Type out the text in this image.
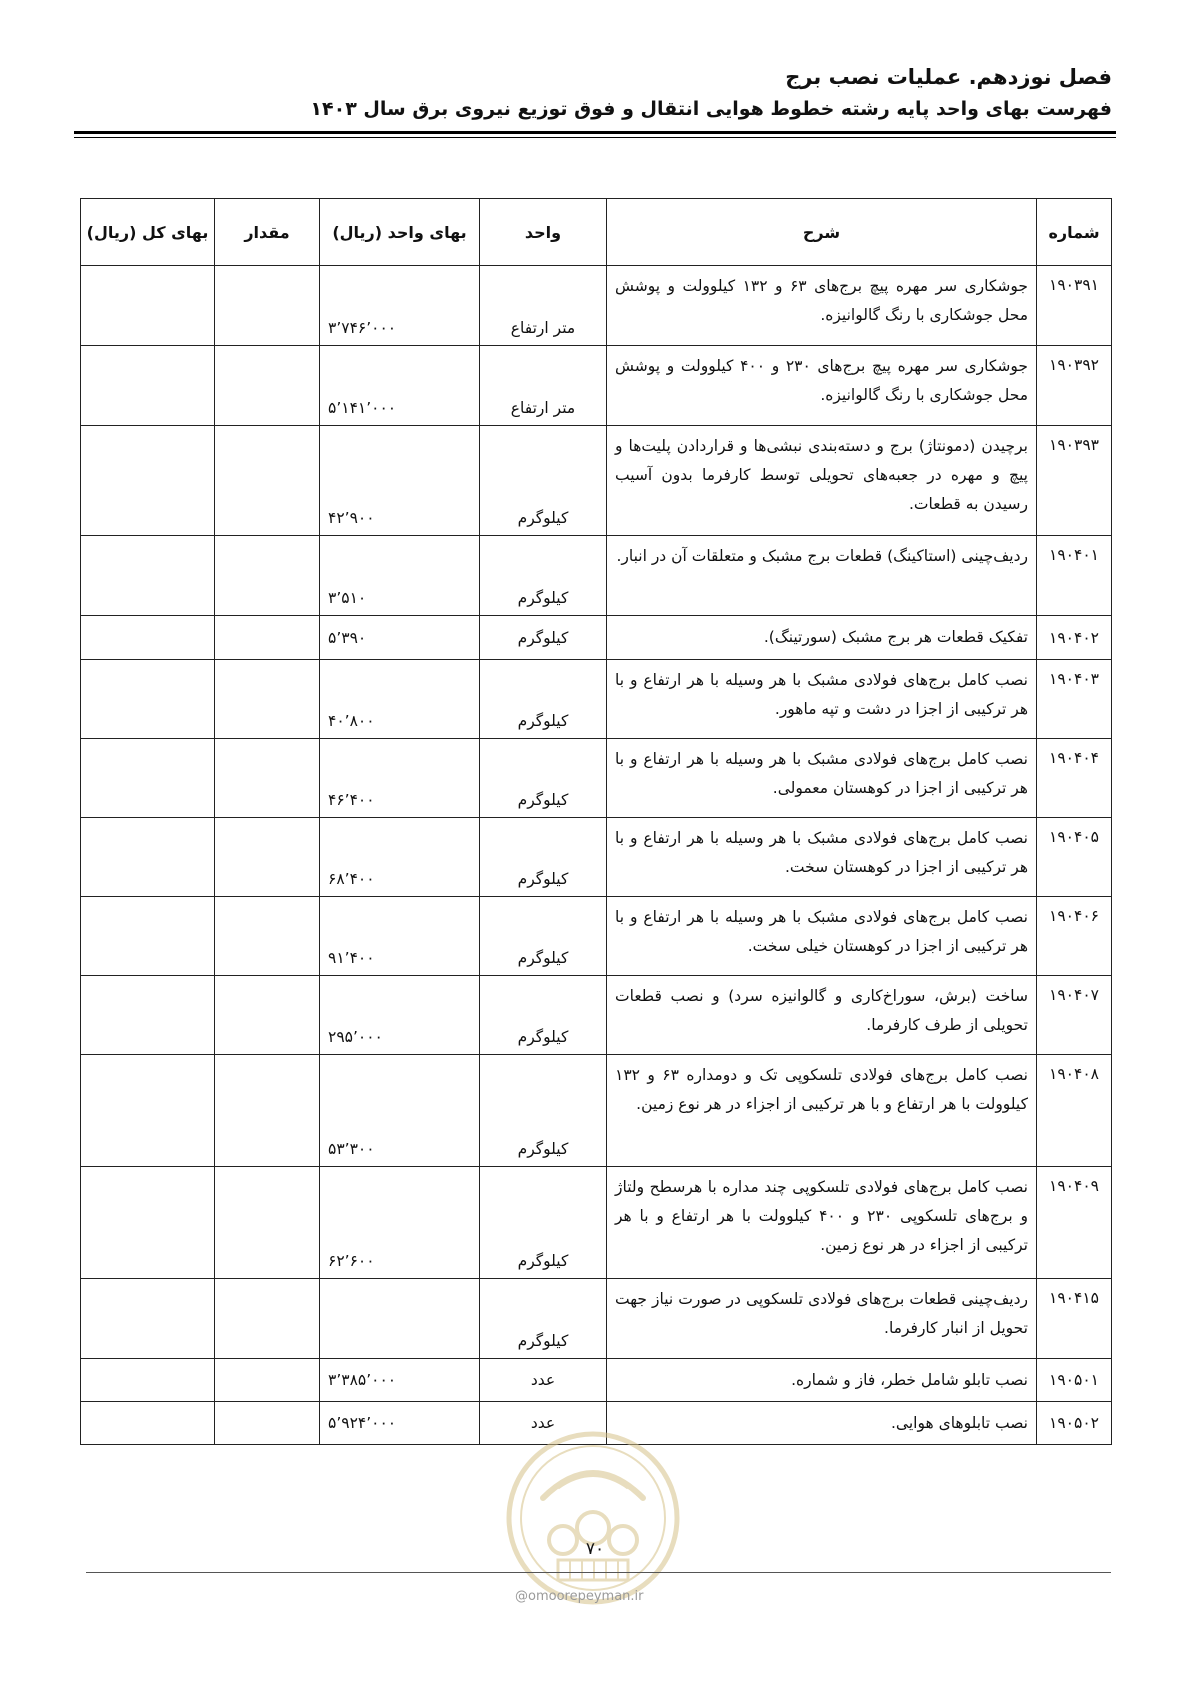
فصل نوزدهم. عملیات نصب برج
فهرست بهای واحد پایه رشته خطوط هوایی انتقال و فوق توزیع نیروی برق سال ۱۴۰۳
شماره	شرح	واحد	بهای واحد (ریال)	مقدار	بهای کل (ریال)
۱۹۰۳۹۱	جوشکاری سر مهره پیچ برج‌های ۶۳ و ۱۳۲ کیلوولت و پوشش محل جوشکاری با رنگ گالوانیزه.	متر ارتفاع	۳٬۷۴۶٬۰۰۰		
۱۹۰۳۹۲	جوشکاری سر مهره پیچ برج‌های ۲۳۰ و ۴۰۰ کیلوولت و پوشش محل جوشکاری با رنگ گالوانیزه.	متر ارتفاع	۵٬۱۴۱٬۰۰۰		
۱۹۰۳۹۳	برچیدن (دمونتاژ) برج و دسته‌بندی نبشی‌ها و قراردادن پلیت‌ها و پیچ و مهره در جعبه‌های تحویلی توسط کارفرما بدون آسیب رسیدن به قطعات.	کیلوگرم	۴۲٬۹۰۰		
۱۹۰۴۰۱	ردیف‌چینی (استاکینگ) قطعات برج مشبک و متعلقات آن در انبار.	کیلوگرم	۳٬۵۱۰		
۱۹۰۴۰۲	تفکیک قطعات هر برج مشبک (سورتینگ).	کیلوگرم	۵٬۳۹۰		
۱۹۰۴۰۳	نصب کامل برج‌های فولادی مشبک با هر وسیله با هر ارتفاع و با هر ترکیبی از اجزا در دشت و تپه ماهور.	کیلوگرم	۴۰٬۸۰۰		
۱۹۰۴۰۴	نصب کامل برج‌های فولادی مشبک با هر وسیله با هر ارتفاع و با هر ترکیبی از اجزا در کوهستان معمولی.	کیلوگرم	۴۶٬۴۰۰		
۱۹۰۴۰۵	نصب کامل برج‌های فولادی مشبک با هر وسیله با هر ارتفاع و با هر ترکیبی از اجزا در کوهستان سخت.	کیلوگرم	۶۸٬۴۰۰		
۱۹۰۴۰۶	نصب کامل برج‌های فولادی مشبک با هر وسیله با هر ارتفاع و با هر ترکیبی از اجزا در کوهستان خیلی سخت.	کیلوگرم	۹۱٬۴۰۰		
۱۹۰۴۰۷	ساخت (برش، سوراخ‌کاری و گالوانیزه سرد) و نصب قطعات تحویلی از طرف کارفرما.	کیلوگرم	۲۹۵٬۰۰۰		
۱۹۰۴۰۸	نصب کامل برج‌های فولادی تلسکوپی تک و دومداره ۶۳ و ۱۳۲ کیلوولت با هر ارتفاع و با هر ترکیبی از اجزاء در هر نوع زمین.	کیلوگرم	۵۳٬۳۰۰		
۱۹۰۴۰۹	نصب کامل برج‌های فولادی تلسکوپی چند مداره با هرسطح ولتاژ و برج‌های تلسکوپی ۲۳۰ و ۴۰۰ کیلوولت با هر ارتفاع و با هر ترکیبی از اجزاء در هر نوع زمین.	کیلوگرم	۶۲٬۶۰۰		
۱۹۰۴۱۵	ردیف‌چینی قطعات برج‌های فولادی تلسکوپی در صورت نیاز جهت تحویل از انبار کارفرما.	کیلوگرم			
۱۹۰۵۰۱	نصب تابلو شامل خطر، فاز و شماره.	عدد	۳٬۳۸۵٬۰۰۰		
۱۹۰۵۰۲	نصب تابلوهای هوایی.	عدد	۵٬۹۲۴٬۰۰۰		
۷۰
@omoorepeyman.ir
